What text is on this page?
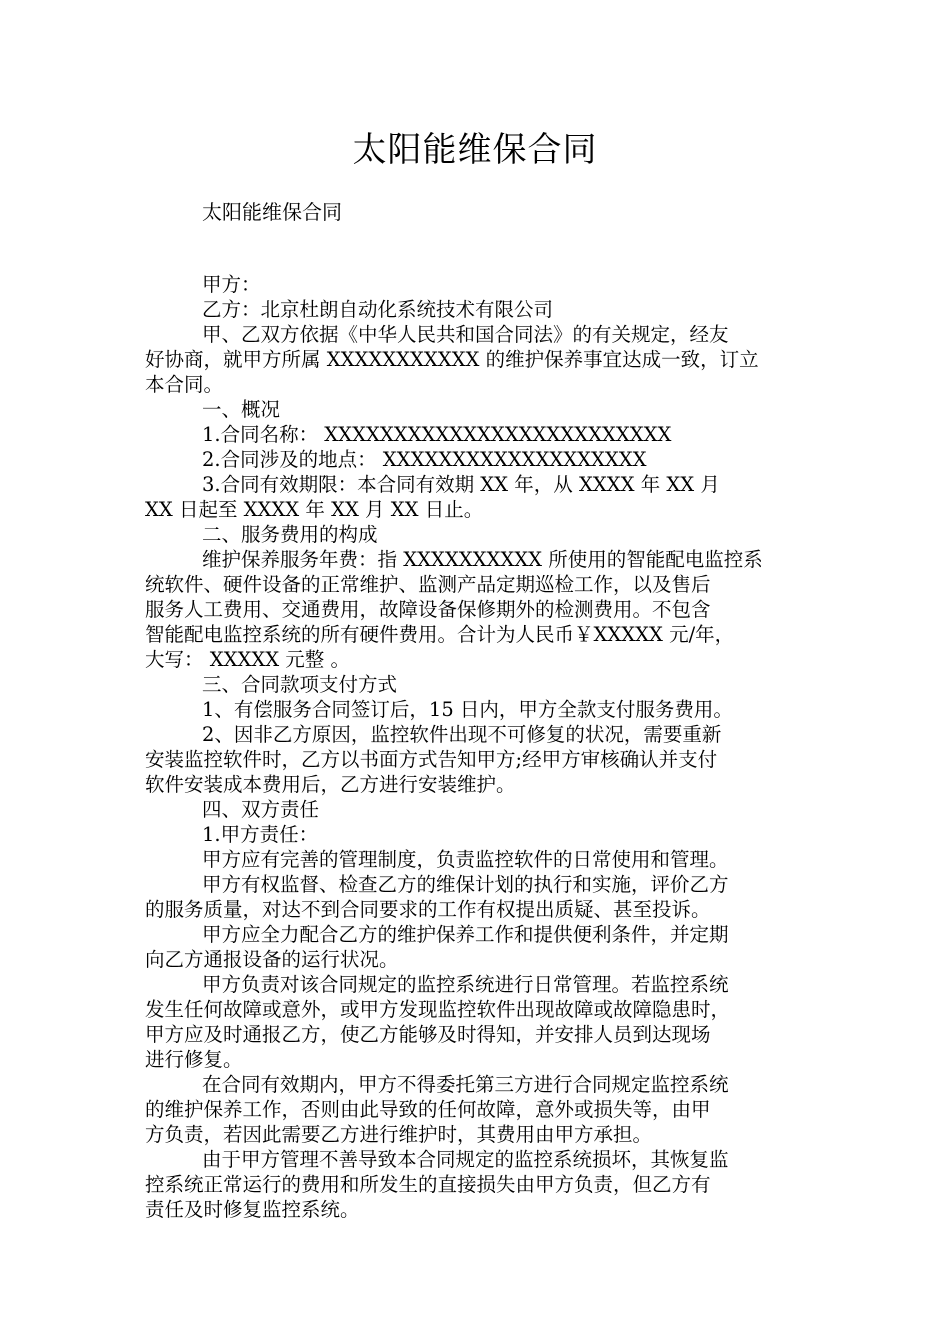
太阳能维保合同
太阳能维保合同

甲方：

乙方：北京杜朗自动化系统技术有限公司

甲、乙双方依据《中华人民共和国合同法》的有关规定，经友

好协商，就甲方所属 XXXXXXXXXXX 的维护保养事宜达成一致，订立

本合同。

一、概况

1.合同名称： XXXXXXXXXXXXXXXXXXXXXXXXX

2.合同涉及的地点： XXXXXXXXXXXXXXXXXXX

3.合同有效期限：本合同有效期 XX 年，从 XXXX 年 XX 月

XX 日起至 XXXX 年 XX 月 XX 日止。

二、服务费用的构成

维护保养服务年费：指 XXXXXXXXXX 所使用的智能配电监控系

统软件、硬件设备的正常维护、监测产品定期巡检工作，以及售后

服务人工费用、交通费用，故障设备保修期外的检测费用。不包含

智能配电监控系统的所有硬件费用。合计为人民币￥XXXXX 元/年，

大写： XXXXX 元整 。

三、合同款项支付方式

1、有偿服务合同签订后，15 日内，甲方全款支付服务费用。

2、因非乙方原因，监控软件出现不可修复的状况，需要重新

安装监控软件时，乙方以书面方式告知甲方;经甲方审核确认并支付

软件安装成本费用后，乙方进行安装维护。

四、双方责任

1.甲方责任：

甲方应有完善的管理制度，负责监控软件的日常使用和管理。

甲方有权监督、检查乙方的维保计划的执行和实施，评价乙方

的服务质量，对达不到合同要求的工作有权提出质疑、甚至投诉。

甲方应全力配合乙方的维护保养工作和提供便利条件，并定期

向乙方通报设备的运行状况。

甲方负责对该合同规定的监控系统进行日常管理。若监控系统

发生任何故障或意外，或甲方发现监控软件出现故障或故障隐患时，

甲方应及时通报乙方，使乙方能够及时得知，并安排人员到达现场

进行修复。

在合同有效期内，甲方不得委托第三方进行合同规定监控系统

的维护保养工作，否则由此导致的任何故障，意外或损失等，由甲

方负责，若因此需要乙方进行维护时，其费用由甲方承担。

由于甲方管理不善导致本合同规定的监控系统损坏，其恢复监

控系统正常运行的费用和所发生的直接损失由甲方负责，但乙方有

责任及时修复监控系统。
